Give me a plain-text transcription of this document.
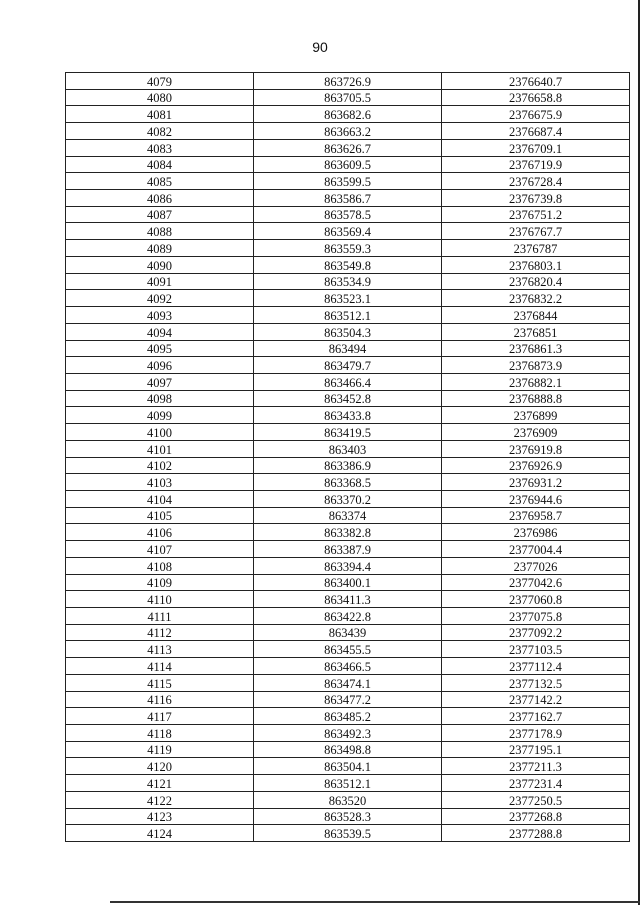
90
4079	863726.9	2376640.7
4080	863705.5	2376658.8
4081	863682.6	2376675.9
4082	863663.2	2376687.4
4083	863626.7	2376709.1
4084	863609.5	2376719.9
4085	863599.5	2376728.4
4086	863586.7	2376739.8
4087	863578.5	2376751.2
4088	863569.4	2376767.7
4089	863559.3	2376787
4090	863549.8	2376803.1
4091	863534.9	2376820.4
4092	863523.1	2376832.2
4093	863512.1	2376844
4094	863504.3	2376851
4095	863494	2376861.3
4096	863479.7	2376873.9
4097	863466.4	2376882.1
4098	863452.8	2376888.8
4099	863433.8	2376899
4100	863419.5	2376909
4101	863403	2376919.8
4102	863386.9	2376926.9
4103	863368.5	2376931.2
4104	863370.2	2376944.6
4105	863374	2376958.7
4106	863382.8	2376986
4107	863387.9	2377004.4
4108	863394.4	2377026
4109	863400.1	2377042.6
4110	863411.3	2377060.8
4111	863422.8	2377075.8
4112	863439	2377092.2
4113	863455.5	2377103.5
4114	863466.5	2377112.4
4115	863474.1	2377132.5
4116	863477.2	2377142.2
4117	863485.2	2377162.7
4118	863492.3	2377178.9
4119	863498.8	2377195.1
4120	863504.1	2377211.3
4121	863512.1	2377231.4
4122	863520	2377250.5
4123	863528.3	2377268.8
4124	863539.5	2377288.8
